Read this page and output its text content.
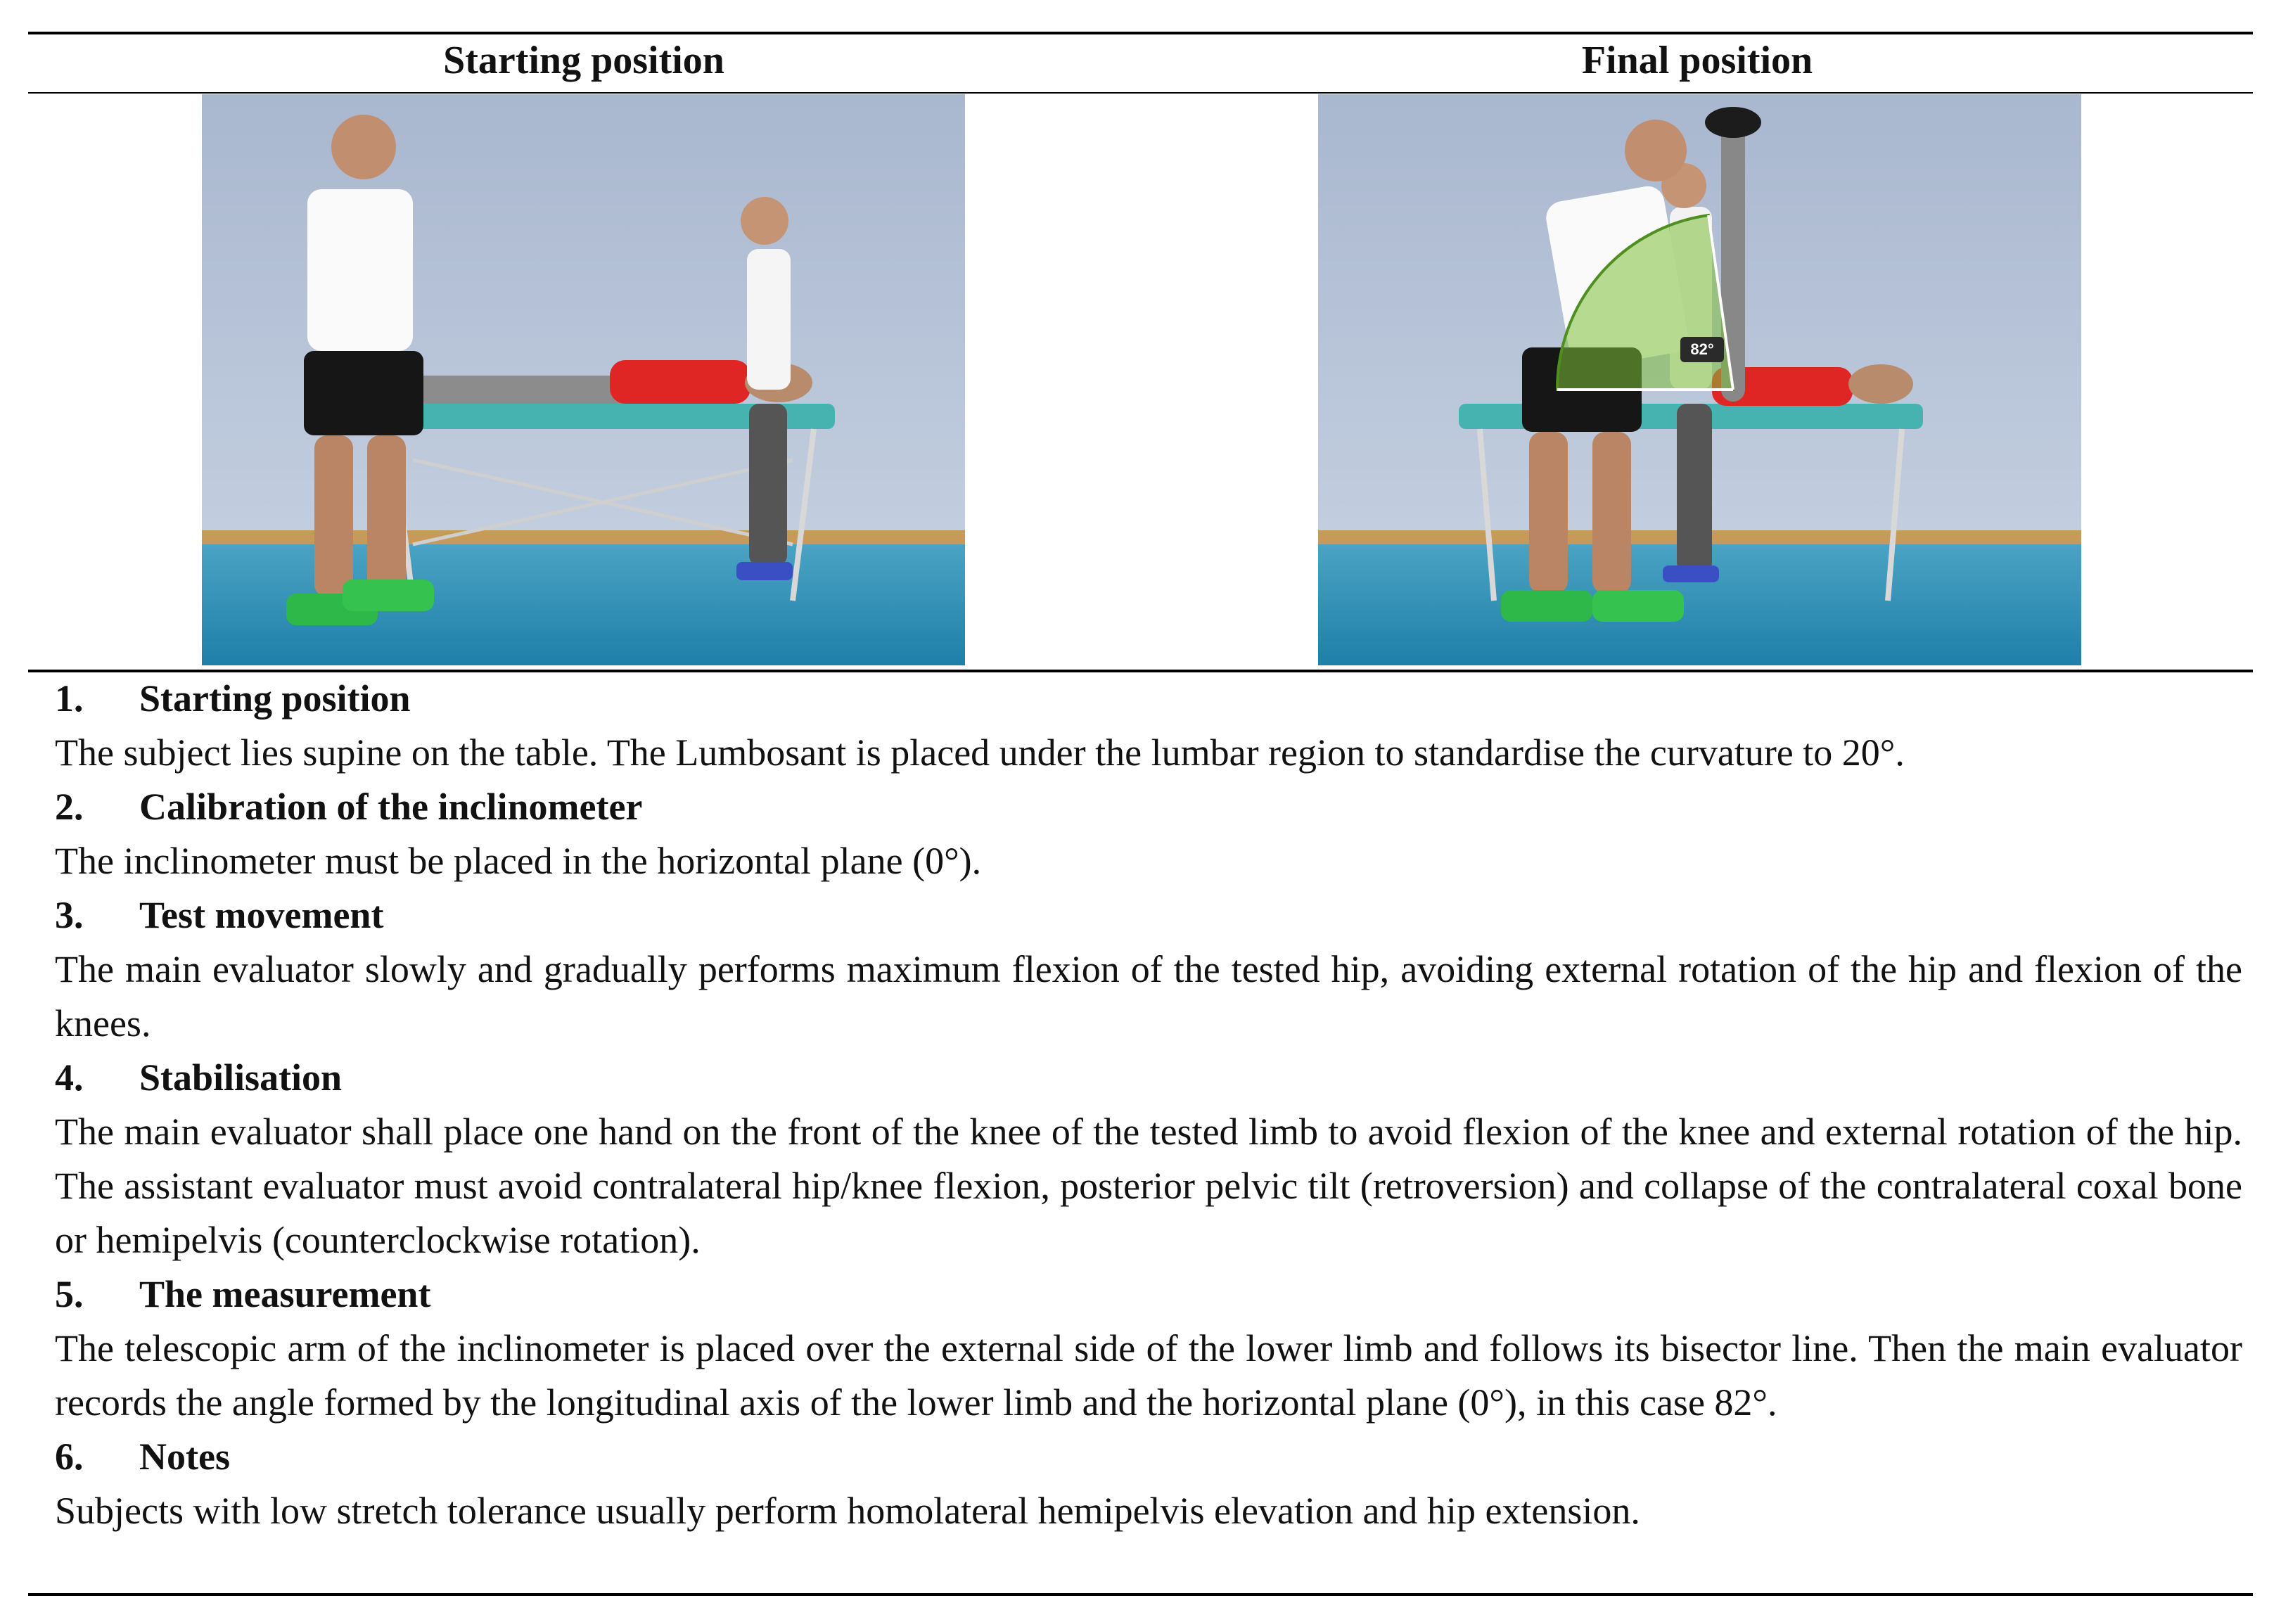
Starting position	Final position
82°
1. Starting position
The subject lies supine on the table. The Lumbosant is placed under the lumbar region to standardise the curvature to 20°.
2. Calibration of the inclinometer
The inclinometer must be placed in the horizontal plane (0°).
3. Test movement
The main evaluator slowly and gradually performs maximum flexion of the tested hip, avoiding external rotation of the hip and flexion of the knees.
4. Stabilisation
The main evaluator shall place one hand on the front of the knee of the tested limb to avoid flexion of the knee and external rotation of the hip. The assistant evaluator must avoid contralateral hip/knee flexion, posterior pelvic tilt (retroversion) and collapse of the contralateral coxal bone or hemipelvis (counterclockwise rotation).
5. The measurement
The telescopic arm of the inclinometer is placed over the external side of the lower limb and follows its bisector line. Then the main evaluator records the angle formed by the longitudinal axis of the lower limb and the horizontal plane (0°), in this case 82°.
6. Notes
Subjects with low stretch tolerance usually perform homolateral hemipelvis elevation and hip extension.
